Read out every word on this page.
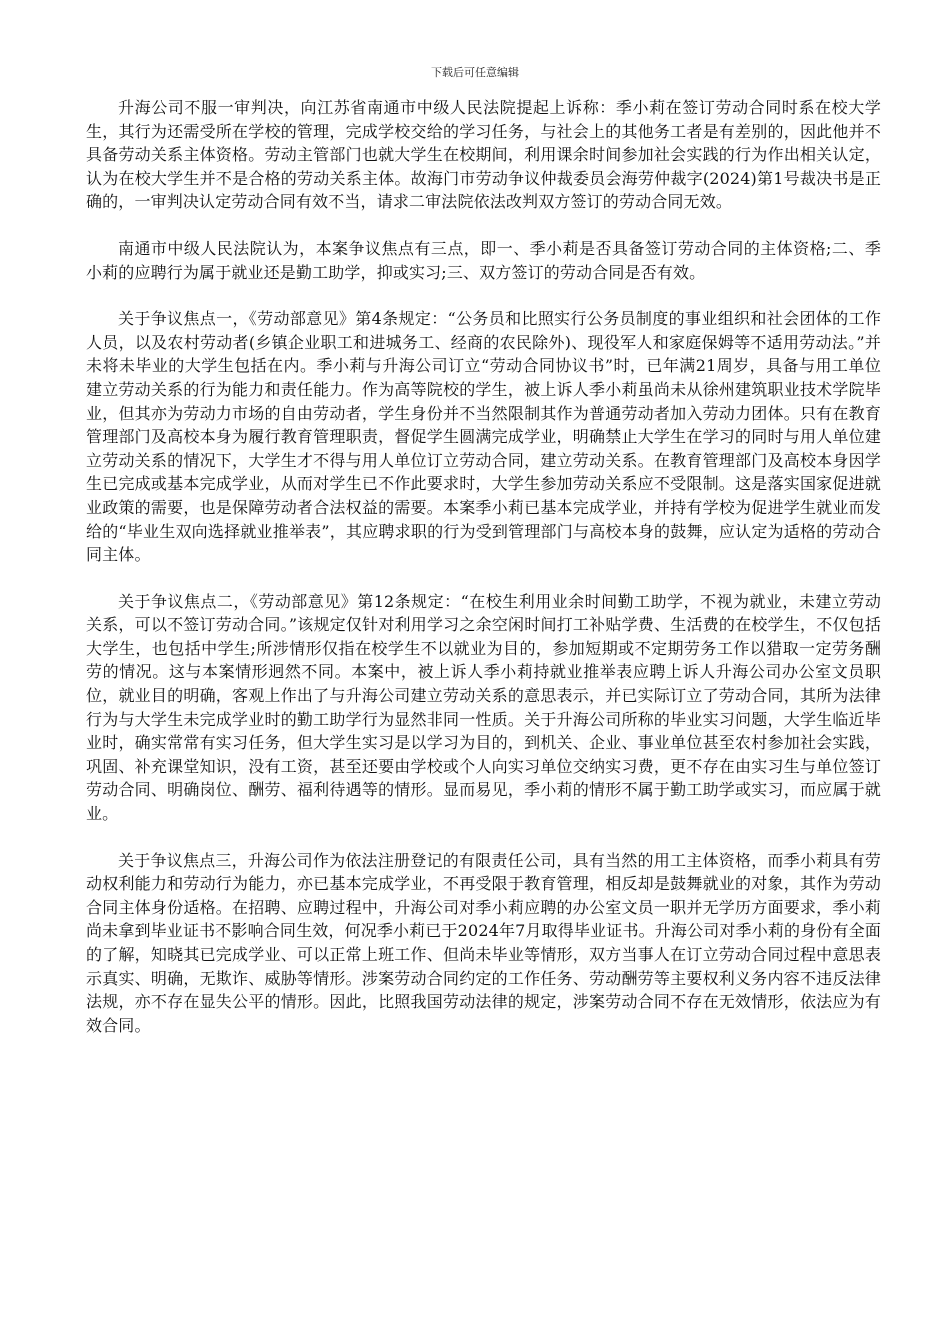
下载后可任意编辑

升海公司不服一审判决，向江苏省南通市中级人民法院提起上诉称：季小莉在签订劳动合同时系在校大学生，其行为还需受所在学校的管理，完成学校交给的学习任务，与社会上的其他务工者是有差别的，因此他并不具备劳动关系主体资格。劳动主管部门也就大学生在校期间，利用课余时间参加社会实践的行为作出相关认定，认为在校大学生并不是合格的劳动关系主体。故海门市劳动争议仲裁委员会海劳仲裁字(2024)第1号裁决书是正确的，一审判决认定劳动合同有效不当，请求二审法院依法改判双方签订的劳动合同无效。

南通市中级人民法院认为，本案争议焦点有三点，即一、季小莉是否具备签订劳动合同的主体资格;二、季小莉的应聘行为属于就业还是勤工助学，抑或实习;三、双方签订的劳动合同是否有效。

关于争议焦点一，《劳动部意见》第4条规定：“公务员和比照实行公务员制度的事业组织和社会团体的工作人员，以及农村劳动者(乡镇企业职工和进城务工、经商的农民除外)、现役军人和家庭保姆等不适用劳动法。”并未将未毕业的大学生包括在内。季小莉与升海公司订立“劳动合同协议书”时，已年满21周岁，具备与用工单位建立劳动关系的行为能力和责任能力。作为高等院校的学生，被上诉人季小莉虽尚未从徐州建筑职业技术学院毕业，但其亦为劳动力市场的自由劳动者，学生身份并不当然限制其作为普通劳动者加入劳动力团体。只有在教育管理部门及高校本身为履行教育管理职责，督促学生圆满完成学业，明确禁止大学生在学习的同时与用人单位建立劳动关系的情况下，大学生才不得与用人单位订立劳动合同，建立劳动关系。在教育管理部门及高校本身因学生已完成或基本完成学业，从而对学生已不作此要求时，大学生参加劳动关系应不受限制。这是落实国家促进就业政策的需要，也是保障劳动者合法权益的需要。本案季小莉已基本完成学业，并持有学校为促进学生就业而发给的“毕业生双向选择就业推举表”，其应聘求职的行为受到管理部门与高校本身的鼓舞，应认定为适格的劳动合同主体。

关于争议焦点二，《劳动部意见》第12条规定：“在校生利用业余时间勤工助学，不视为就业，未建立劳动关系，可以不签订劳动合同。”该规定仅针对利用学习之余空闲时间打工补贴学费、生活费的在校学生，不仅包括大学生，也包括中学生;所涉情形仅指在校学生不以就业为目的，参加短期或不定期劳务工作以猎取一定劳务酬劳的情况。这与本案情形迥然不同。本案中，被上诉人季小莉持就业推举表应聘上诉人升海公司办公室文员职位，就业目的明确，客观上作出了与升海公司建立劳动关系的意思表示，并已实际订立了劳动合同，其所为法律行为与大学生未完成学业时的勤工助学行为显然非同一性质。关于升海公司所称的毕业实习问题，大学生临近毕业时，确实常常有实习任务，但大学生实习是以学习为目的，到机关、企业、事业单位甚至农村参加社会实践，巩固、补充课堂知识，没有工资，甚至还要由学校或个人向实习单位交纳实习费，更不存在由实习生与单位签订劳动合同、明确岗位、酬劳、福利待遇等的情形。显而易见，季小莉的情形不属于勤工助学或实习，而应属于就业。

关于争议焦点三，升海公司作为依法注册登记的有限责任公司，具有当然的用工主体资格，而季小莉具有劳动权利能力和劳动行为能力，亦已基本完成学业，不再受限于教育管理，相反却是鼓舞就业的对象，其作为劳动合同主体身份适格。在招聘、应聘过程中，升海公司对季小莉应聘的办公室文员一职并无学历方面要求，季小莉尚未拿到毕业证书不影响合同生效，何况季小莉已于2024年7月取得毕业证书。升海公司对季小莉的身份有全面的了解，知晓其已完成学业、可以正常上班工作、但尚未毕业等情形，双方当事人在订立劳动合同过程中意思表示真实、明确，无欺诈、威胁等情形。涉案劳动合同约定的工作任务、劳动酬劳等主要权利义务内容不违反法律法规，亦不存在显失公平的情形。因此，比照我国劳动法律的规定，涉案劳动合同不存在无效情形，依法应为有效合同。
